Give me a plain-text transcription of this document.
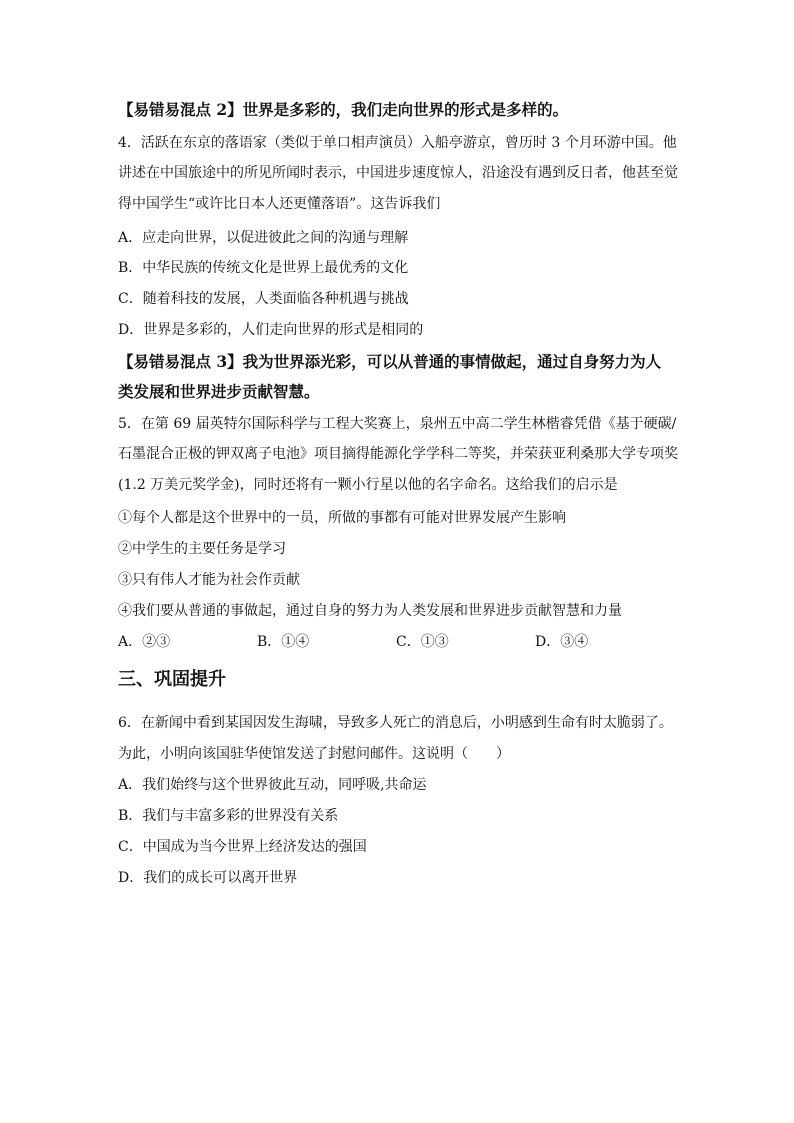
【易错易混点 2】世界是多彩的，我们走向世界的形式是多样的。
4．活跃在东京的落语家（类似于单口相声演员）入船亭游京，曾历时 3 个月环游中国。他
讲述在中国旅途中的所见所闻时表示，中国进步速度惊人，沿途没有遇到反日者，他甚至觉
得中国学生“或许比日本人还更懂落语”。这告诉我们
A．应走向世界，以促进彼此之间的沟通与理解
B．中华民族的传统文化是世界上最优秀的文化
C．随着科技的发展，人类面临各种机遇与挑战
D．世界是多彩的，人们走向世界的形式是相同的
【易错易混点 3】我为世界添光彩，可以从普通的事情做起，通过自身努力为人
类发展和世界进步贡献智慧。
5．在第 69 届英特尔国际科学与工程大奖赛上，泉州五中高二学生林楷睿凭借《基于硬碳/
石墨混合正极的钾双离子电池》项目摘得能源化学学科二等奖，并荣获亚利桑那大学专项奖
(1.2 万美元奖学金)，同时还将有一颗小行星以他的名字命名。这给我们的启示是
①每个人都是这个世界中的一员，所做的事都有可能对世界发展产生影响
②中学生的主要任务是学习
③只有伟人才能为社会作贡献
④我们要从普通的事做起，通过自身的努力为人类发展和世界进步贡献智慧和力量
A．②③	B．①④	C．①③	D．③④
三、巩固提升
6．在新闻中看到某国因发生海啸，导致多人死亡的消息后，小明感到生命有时太脆弱了。
为此，小明向该国驻华使馆发送了封慰问邮件。这说明（　　）
A．我们始终与这个世界彼此互动，同呼吸,共命运
B．我们与丰富多彩的世界没有关系
C．中国成为当今世界上经济发达的强国
D．我们的成长可以离开世界
